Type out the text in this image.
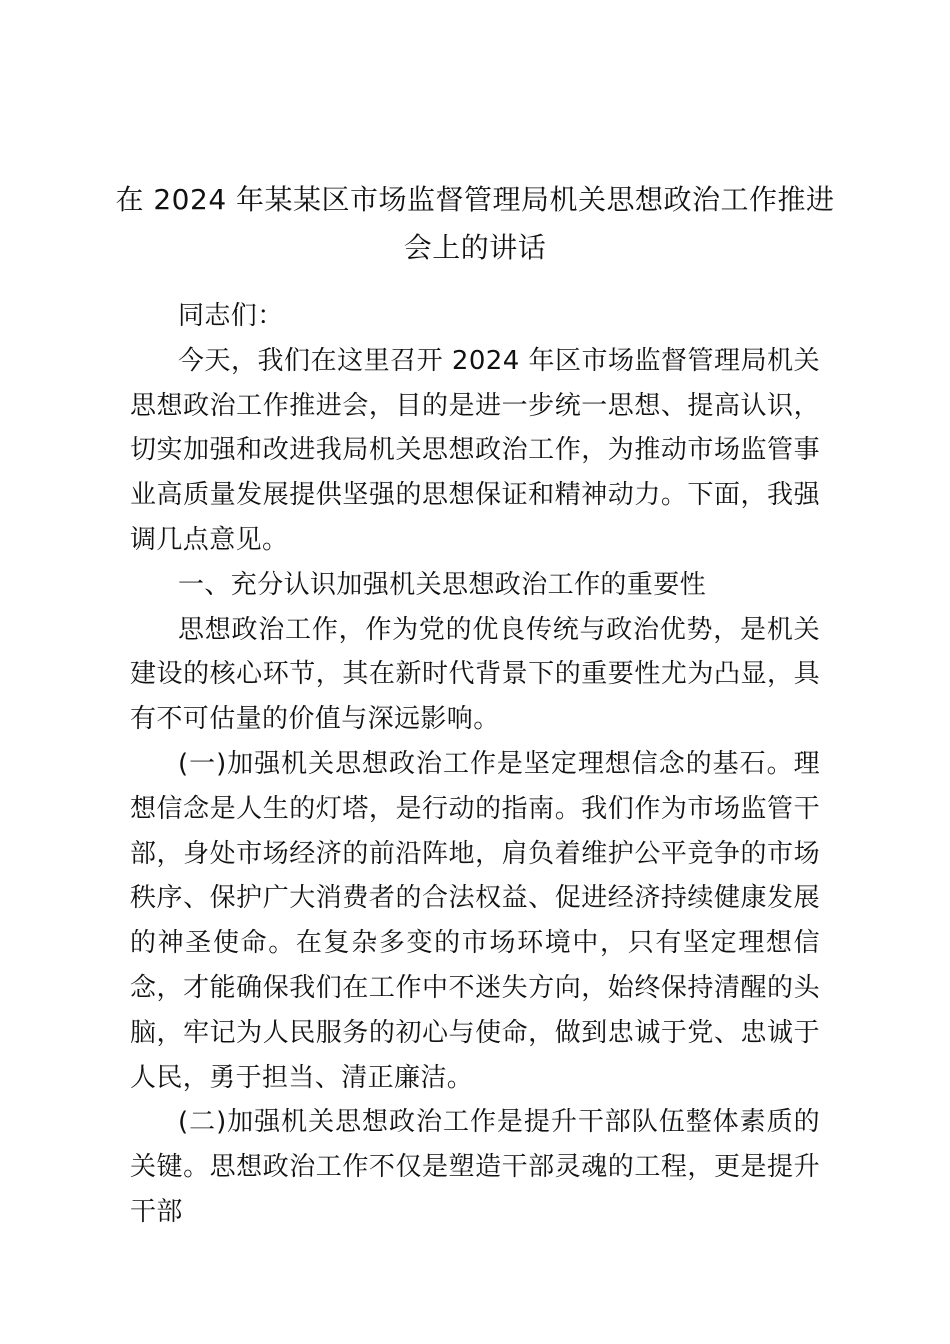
在 2024 年某某区市场监督管理局机关思想政治工作推进会上的讲话

同志们：

今天，我们在这里召开 2024 年区市场监督管理局机关思想政治工作推进会，目的是进一步统一思想、提高认识，切实加强和改进我局机关思想政治工作，为推动市场监管事业高质量发展提供坚强的思想保证和精神动力。下面，我强调几点意见。

一、充分认识加强机关思想政治工作的重要性

思想政治工作，作为党的优良传统与政治优势，是机关建设的核心环节，其在新时代背景下的重要性尤为凸显，具有不可估量的价值与深远影响。

(一)加强机关思想政治工作是坚定理想信念的基石。理想信念是人生的灯塔，是行动的指南。我们作为市场监管干部，身处市场经济的前沿阵地，肩负着维护公平竞争的市场秩序、保护广大消费者的合法权益、促进经济持续健康发展的神圣使命。在复杂多变的市场环境中，只有坚定理想信念，才能确保我们在工作中不迷失方向，始终保持清醒的头脑，牢记为人民服务的初心与使命，做到忠诚于党、忠诚于人民，勇于担当、清正廉洁。

(二)加强机关思想政治工作是提升干部队伍整体素质的关键。思想政治工作不仅是塑造干部灵魂的工程，更是提升干部
